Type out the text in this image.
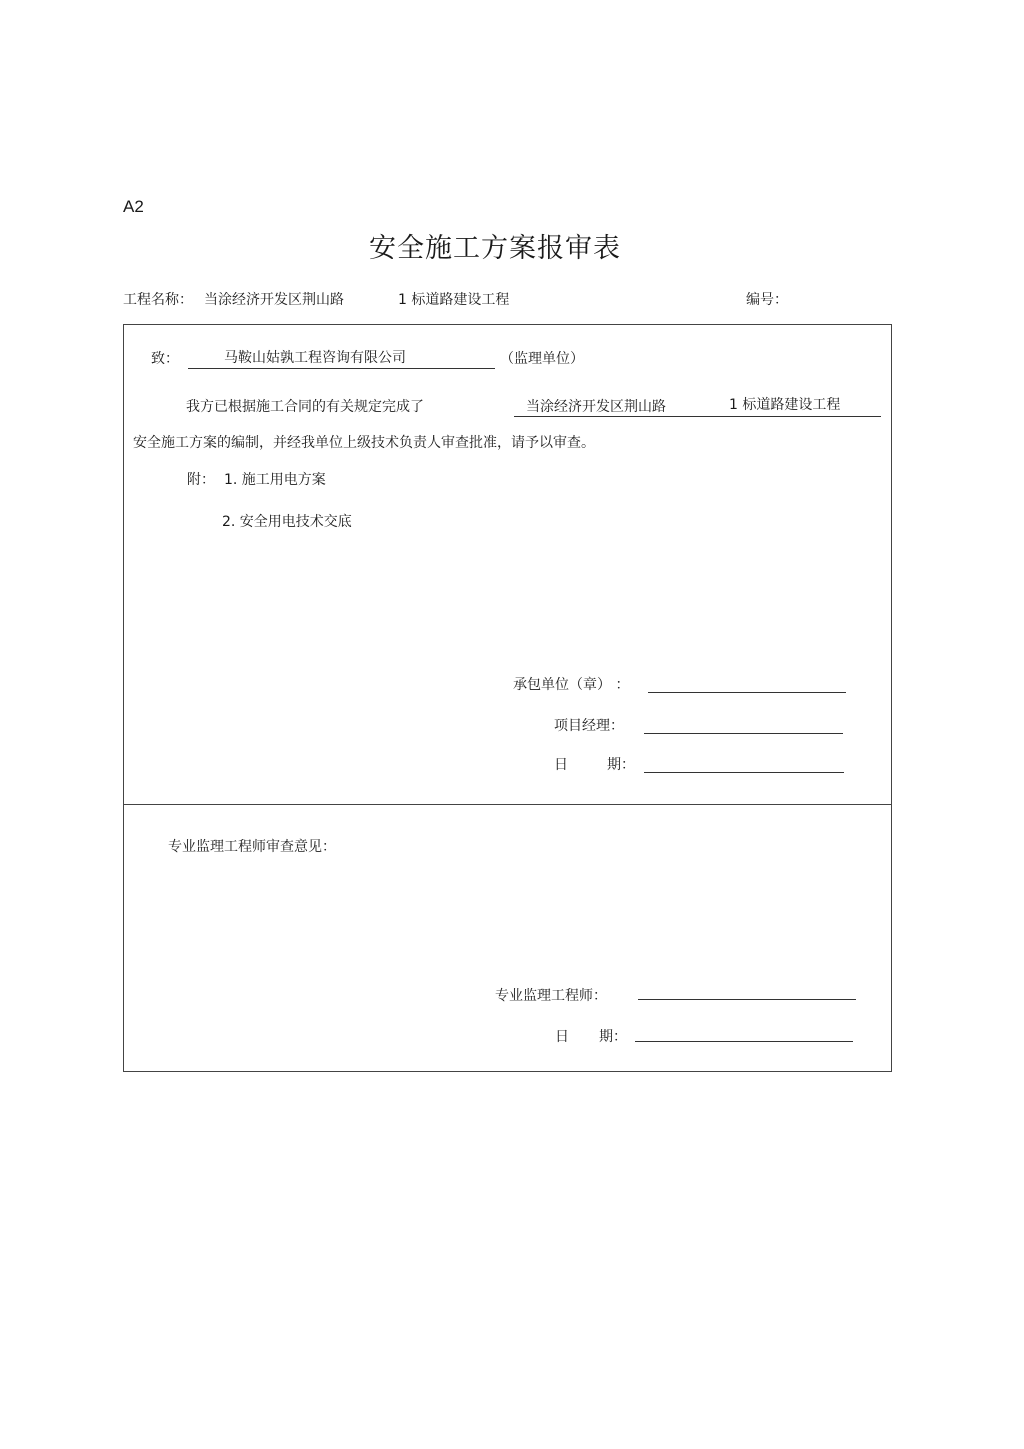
A2
安全施工方案报审表
工程名称： 当涂经济开发区荆山路	1 标道路建设工程	编号：
致：	马鞍山姑孰工程咨询有限公司	（监理单位）
我方已根据施工合同的有关规定完成了	当涂经济开发区荆山路	1 标道路建设工程
安全施工方案的编制，并经我单位上级技术负责人审查批准，请予以审查。
附： 1. 施工用电方案
2. 安全用电技术交底
承包单位（章） ：
项目经理：
日	期：
专业监理工程师审查意见：
专业监理工程师：
日 期：
